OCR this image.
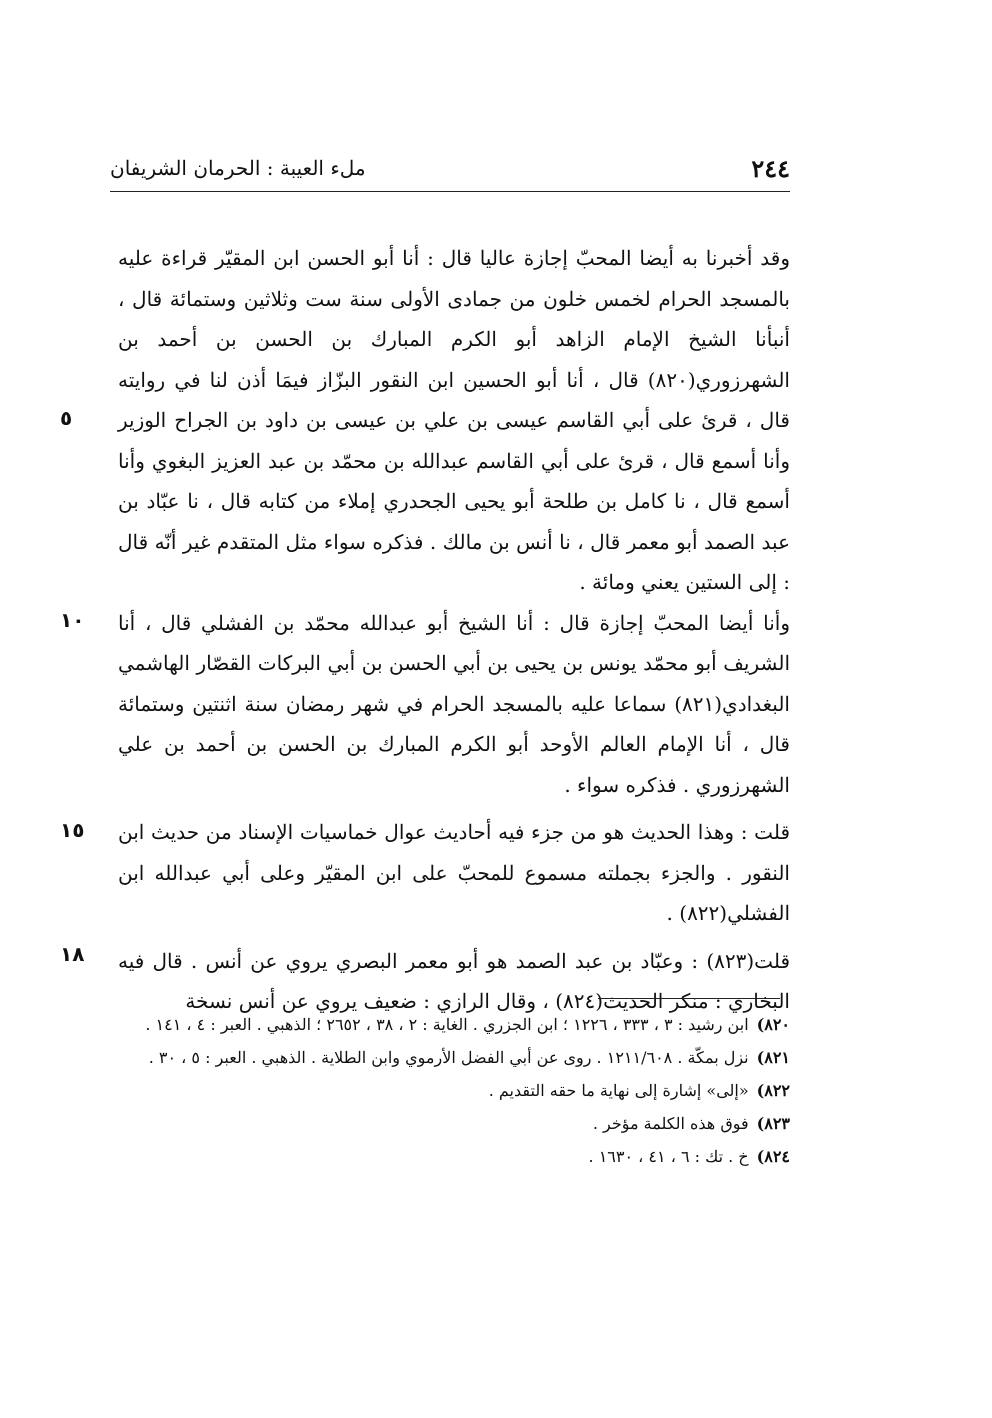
٢٤٤
ملء العيبة : الحرمان الشريفان

وقد أخبرنا به أيضا المحبّ إجازة عاليا قال : أنا أبو الحسن ابن المقيّر قراءة عليه بالمسجد الحرام لخمس خلون من جمادى الأولى سنة ست وثلاثين وستمائة قال ، أنبأنا الشيخ الإمام الزاهد أبو الكرم المبارك بن الحسن بن أحمد بن الشهرزوري(٨٢٠) قال ، أنا أبو الحسين ابن النقور البزّاز فيمَا أذن لنا في روايته قال ، قرئ على أبي القاسم عيسى بن علي بن عيسى بن داود بن الجراح الوزير وأنا أسمع قال ، قرئ على أبي القاسم عبدالله بن محمّد بن عبد العزيز البغوي وأنا أسمع قال ، نا كامل بن طلحة أبو يحيى الجحدري إملاء من كتابه قال ، نا عبّاد بن عبد الصمد أبو معمر قال ، نا أنس بن مالك . فذكره سواء مثل المتقدم غير أنّه قال : إلى الستين يعني ومائة .

وأنا أيضا المحبّ إجازة قال : أنا الشيخ أبو عبدالله محمّد بن الفشلي قال ، أنا الشريف أبو محمّد يونس بن يحيى بن أبي الحسن بن أبي البركات القصّار الهاشمي البغدادي(٨٢١) سماعا عليه بالمسجد الحرام في شهر رمضان سنة اثنتين وستمائة قال ، أنا الإمام العالم الأوحد أبو الكرم المبارك بن الحسن بن أحمد بن علي الشهرزوري . فذكره سواء .

قلت : وهذا الحديث هو من جزء فيه أحاديث عوال خماسيات الإسناد من حديث ابن النقور . والجزء بجملته مسموع للمحبّ على ابن المقيّر وعلى أبي عبدالله ابن الفشلي(٨٢٢) .

قلت(٨٢٣) : وعبّاد بن عبد الصمد هو أبو معمر البصري يروي عن أنس . قال فيه البخاري : منكر الحديث(٨٢٤) ، وقال الرازي : ضعيف يروي عن أنس نسخة

٥
١٠
١٥
١٨

٨٢٠)ابن رشيد : ٣ ، ٣٣٣ ، ١٢٢٦ ؛ ابن الجزري . الغاية : ٢ ، ٣٨ ، ٢٦٥٢ ؛ الذهبي . العبر : ٤ ، ١٤١ .

٨٢١)نزل بمكّة . ١٢١١/٦٠٨ . روى عن أبي الفضل الأرموي وابن الطلاية . الذهبي . العبر : ٥ ، ٣٠ .

٨٢٢)«إلى» إشارة إلى نهاية ما حقه التقديم .

٨٢٣)فوق هذه الكلمة مؤخر .

٨٢٤)خ . تك : ٦ ، ٤١ ، ١٦٣٠ .
